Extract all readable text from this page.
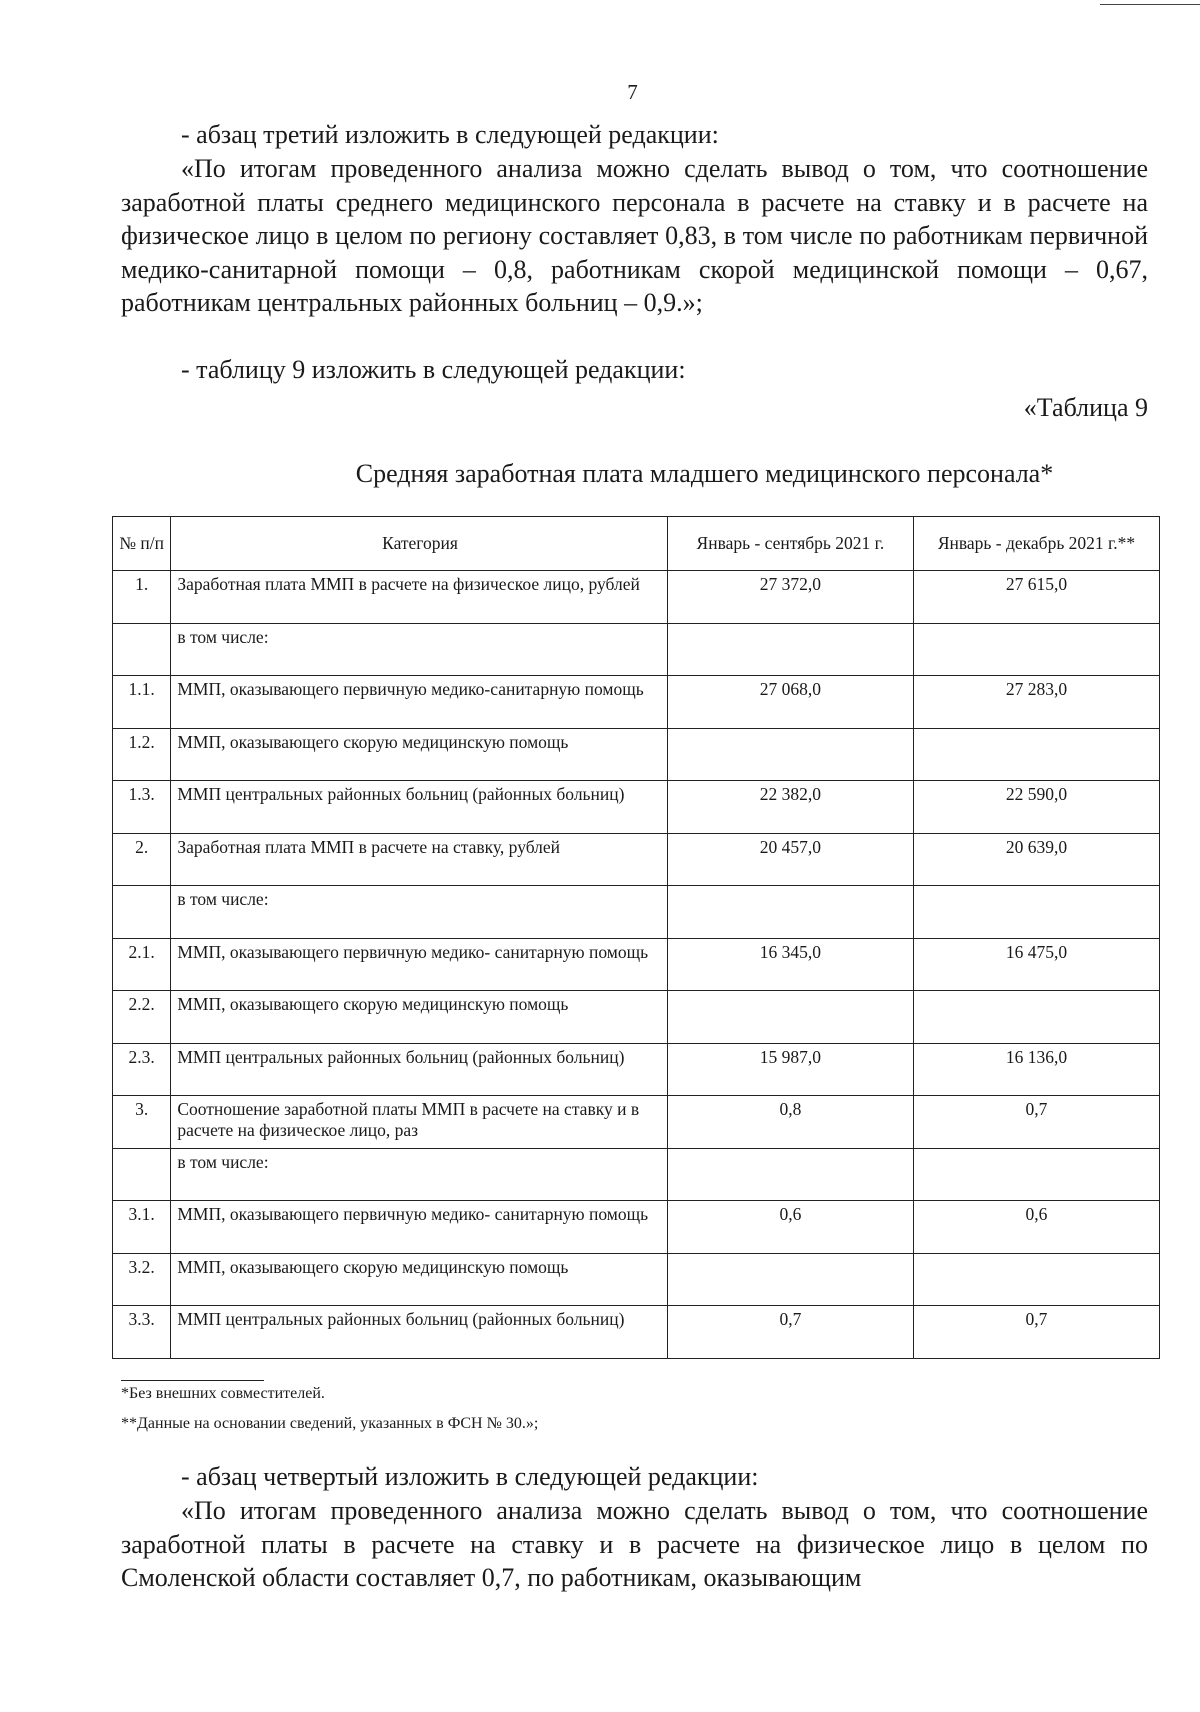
7
- абзац третий изложить в следующей редакции:
«По итогам проведенного анализа можно сделать вывод о том, что соотношение заработной платы среднего медицинского персонала в расчете на ставку и в расчете на физическое лицо в целом по региону составляет 0,83, в том числе по работникам первичной медико-санитарной помощи – 0,8, работникам скорой медицинской помощи – 0,67, работникам центральных районных больниц – 0,9.»;
- таблицу 9 изложить в следующей редакции:
«Таблица 9
Средняя заработная плата младшего медицинского персонала*
№ п/п	Категория	Январь - сентябрь 2021 г.	Январь - декабрь 2021 г.**
1.	Заработная плата ММП в расчете на физическое лицо, рублей	27 372,0	27 615,0
	в том числе:		
1.1.	ММП, оказывающего первичную медико-санитарную помощь	27 068,0	27 283,0
1.2.	ММП, оказывающего скорую медицинскую помощь		
1.3.	ММП центральных районных больниц (районных больниц)	22 382,0	22 590,0
2.	Заработная плата ММП в расчете на ставку, рублей	20 457,0	20 639,0
	в том числе:		
2.1.	ММП, оказывающего первичную медико- санитарную помощь	16 345,0	16 475,0
2.2.	ММП, оказывающего скорую медицинскую помощь		
2.3.	ММП центральных районных больниц (районных больниц)	15 987,0	16 136,0
3.	Соотношение заработной платы ММП в расчете на ставку и в расчете на физическое лицо, раз	0,8	0,7
	в том числе:		
3.1.	ММП, оказывающего первичную медико- санитарную помощь	0,6	0,6
3.2.	ММП, оказывающего скорую медицинскую помощь		
3.3.	ММП центральных районных больниц (районных больниц)	0,7	0,7
*Без внешних совместителей.
**Данные на основании сведений, указанных в ФСН № 30.»;
- абзац четвертый изложить в следующей редакции:
«По итогам проведенного анализа можно сделать вывод о том, что соотношение заработной платы в расчете на ставку и в расчете на физическое лицо в целом по Смоленской области составляет 0,7, по работникам, оказывающим
